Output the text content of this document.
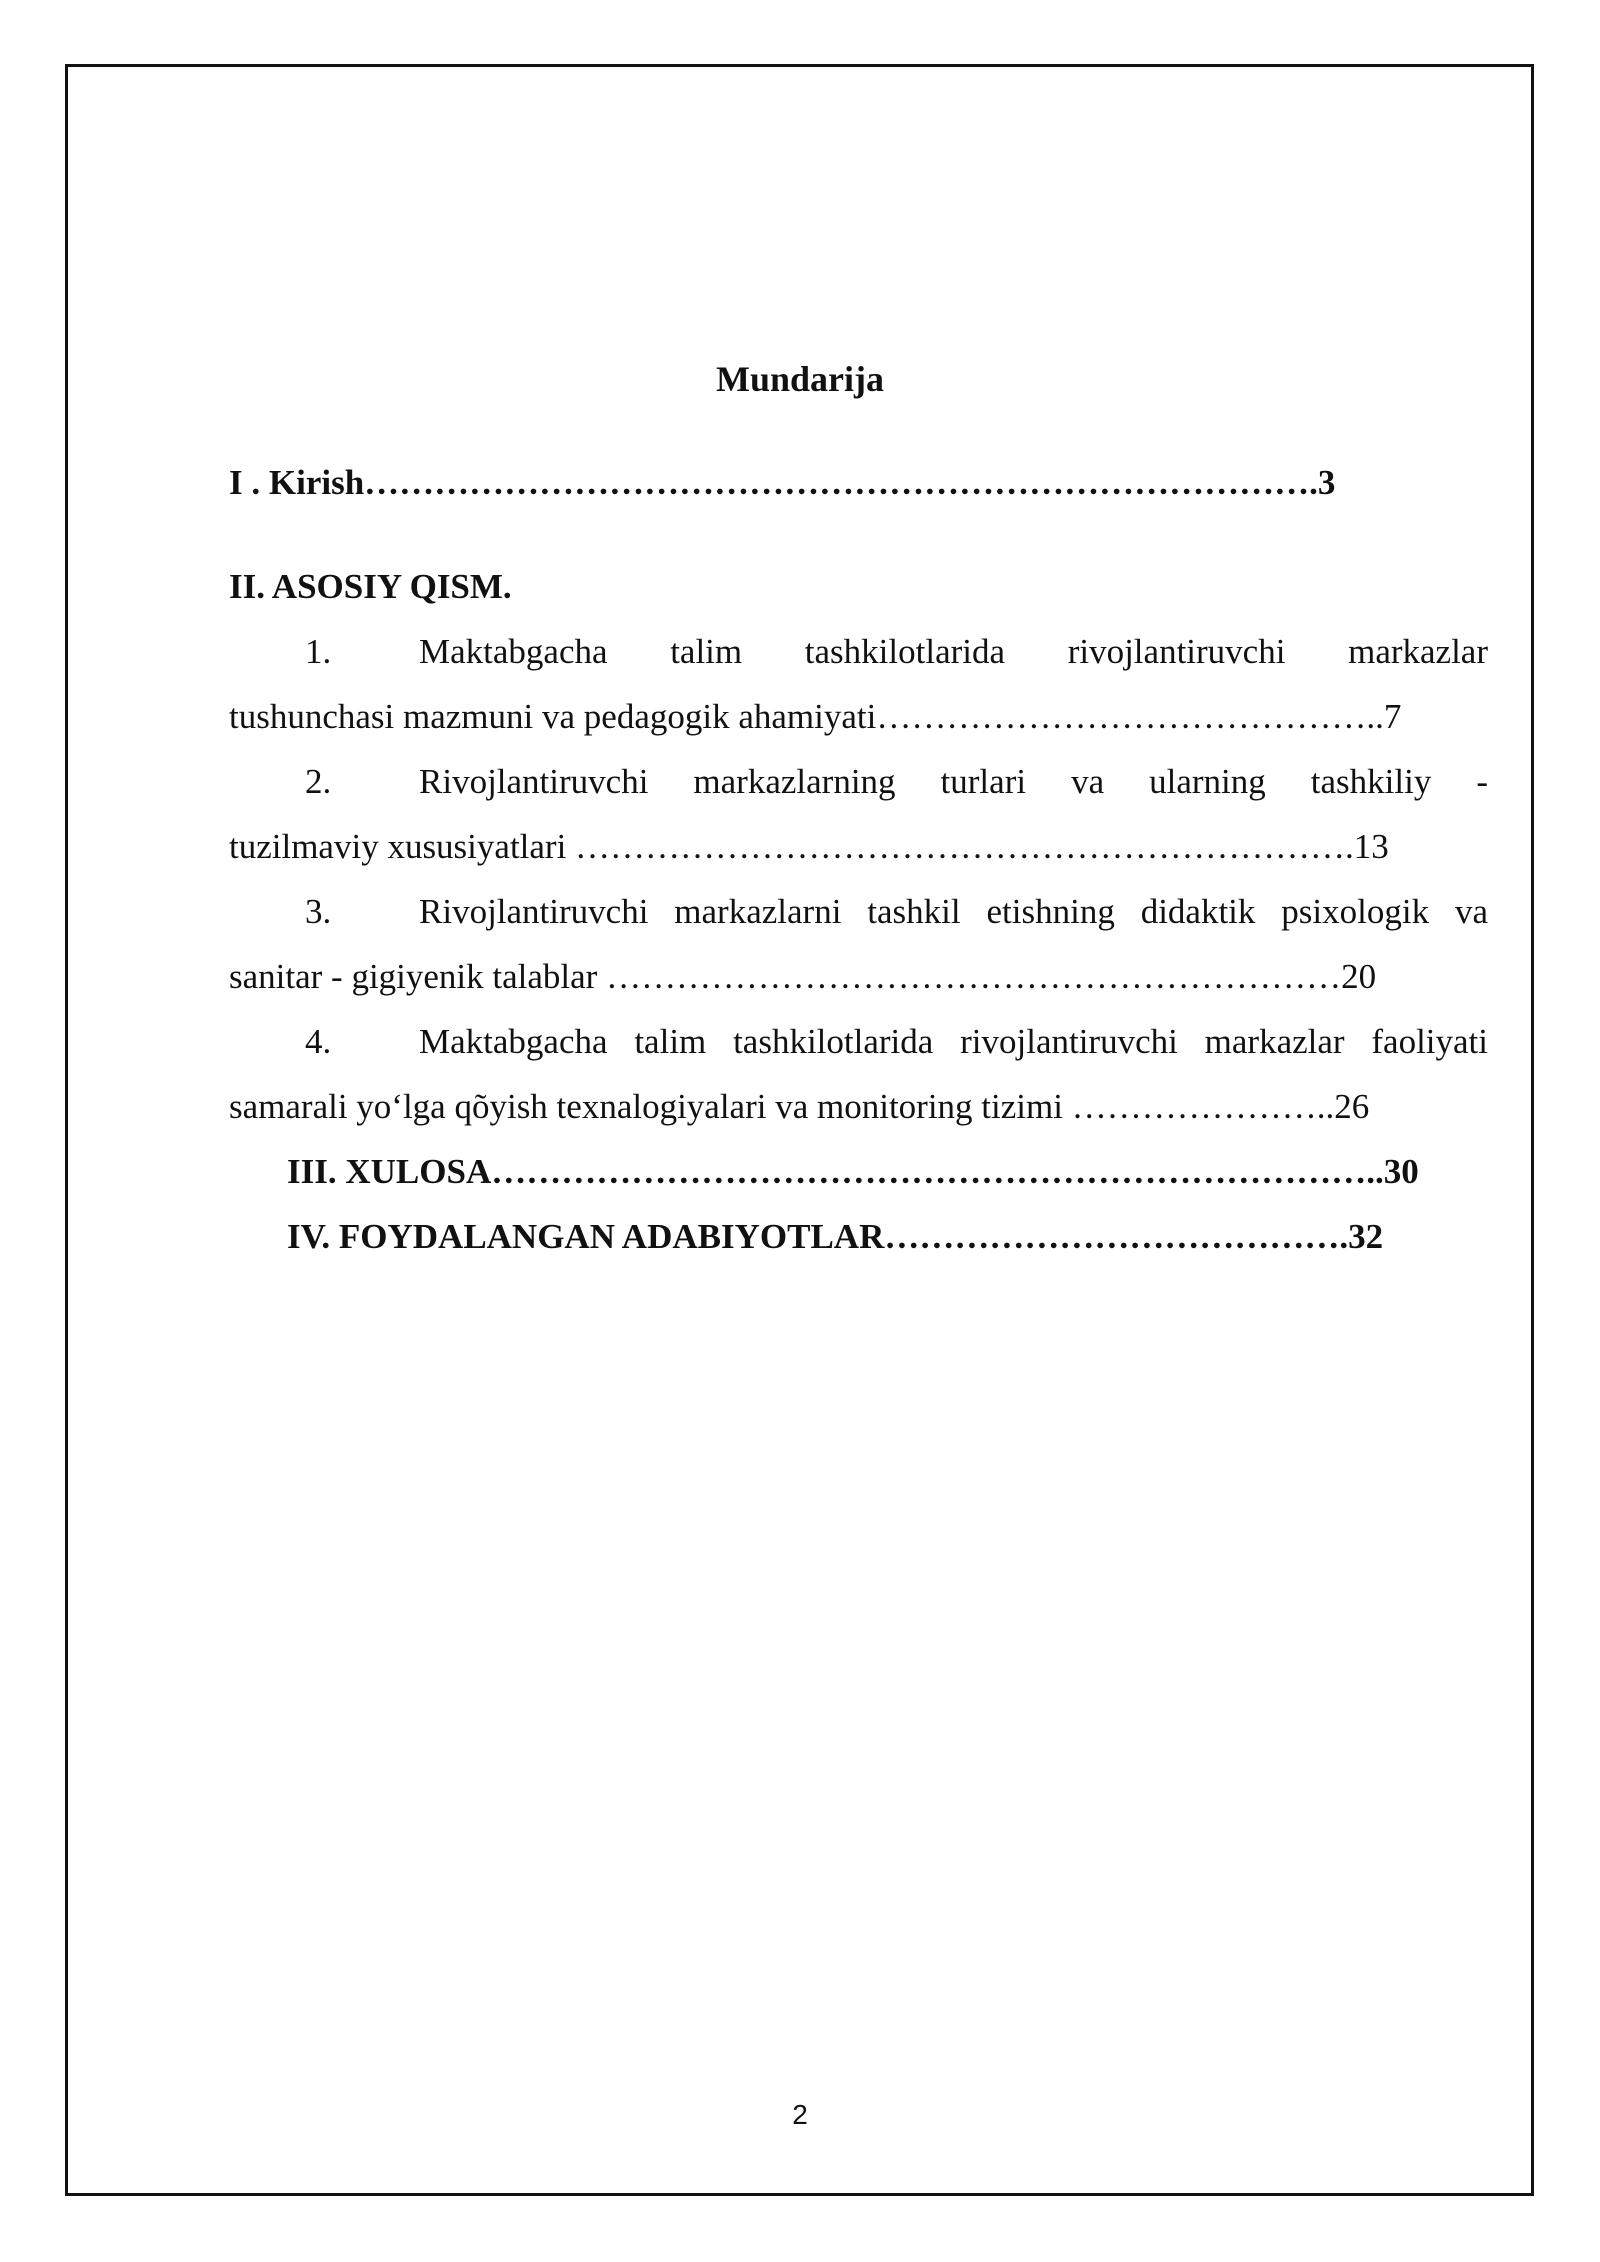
Mundarija
I . Kirish……………………………………………………………………….3
II. ASOSIY QISM.
1.	Maktabgacha talim tashkilotlarida rivojlantiruvchi markazlar
tushunchasi mazmuni va pedagogik ahamiyati……………………………………..7
2.	Rivojlantiruvchi markazlarning turlari va ularning tashkiliy -
tuzilmaviy xususiyatlari ………………………………………………………….13
3.	Rivojlantiruvchi markazlarni tashkil etishning didaktik psixologik va
sanitar - gigiyenik talablar ………………………………………………………20
4.	Maktabgacha talim tashkilotlarida rivojlantiruvchi markazlar faoliyati
samarali yo‘lga qõyish texnalogiyalari va monitoring tizimi …………………..26
III. XULOSA…………………………………………………………………..30
IV. FOYDALANGAN ADABIYOTLAR………………………………….32
2
